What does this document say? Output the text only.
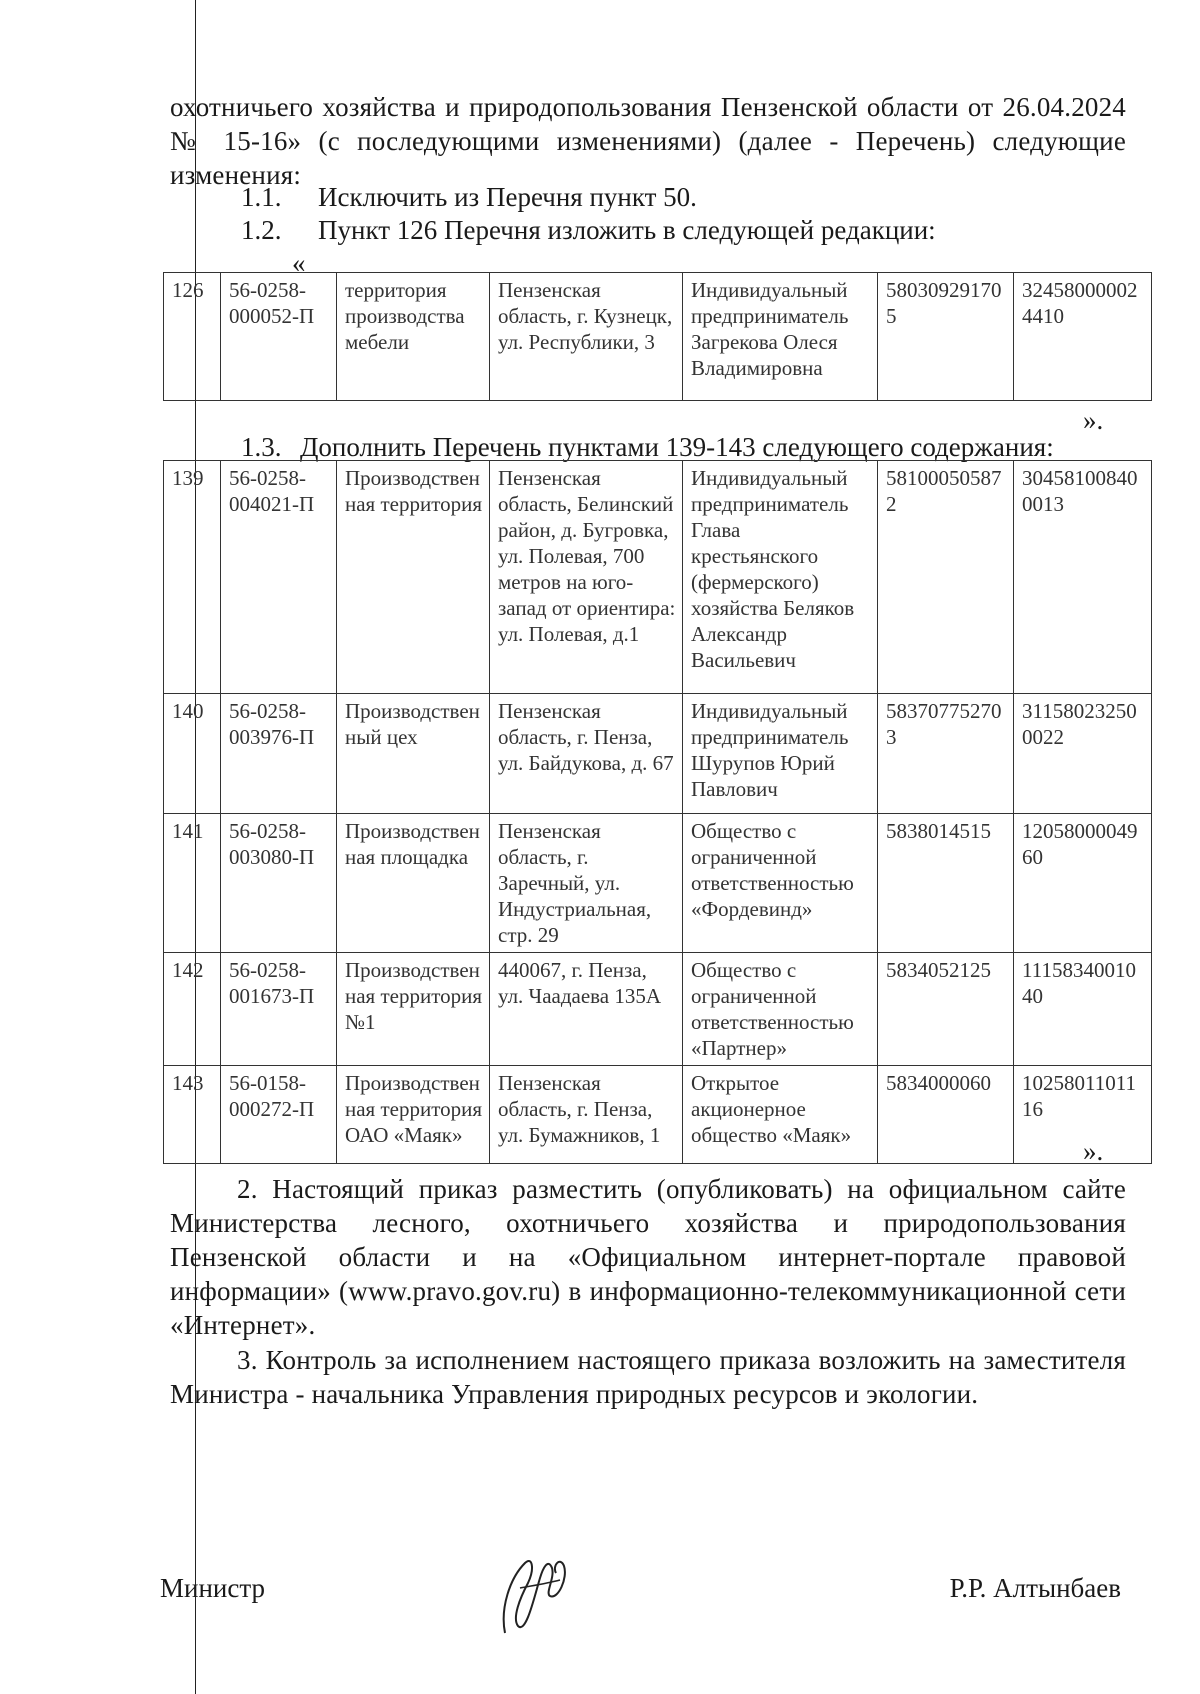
охотничьего хозяйства и природопользования Пензенской области от 26.04.2024 № 15-16» (с последующими изменениями) (далее - Перечень) следующие изменения:
1.1. Исключить из Перечня пункт 50.
1.2. Пункт 126 Перечня изложить в следующей редакции:
«
126	56-0258-000052-П	территория производства мебели	Пензенская область, г. Кузнецк, ул. Республики, 3	Индивидуальный предприниматель Загрекова Олеся Владимировна	580309291705	324580000024410
».
1.3. Дополнить Перечень пунктами 139-143 следующего содержания:
139	56-0258-004021-П	Производственная территория	Пензенская область, Белинский район, д. Бугровка, ул. Полевая, 700 метров на юго-запад от ориентира: ул. Полевая, д.1	Индивидуальный предприниматель Глава крестьянского (фермерского) хозяйства Беляков Александр Васильевич	581000505872	304581008400013
140	56-0258-003976-П	Производственный цех	Пензенская область, г. Пенза, ул. Байдукова, д. 67	Индивидуальный предприниматель Шурупов Юрий Павлович	583707752703	311580232500022
141	56-0258-003080-П	Производственная площадка	Пензенская область, г. Заречный, ул. Индустриальная, стр. 29	Общество с ограниченной ответственностью «Фордевинд»	5838014515	1205800004960
142	56-0258-001673-П	Производственная территория №1	440067, г. Пенза, ул. Чаадаева 135А	Общество с ограниченной ответственностью «Партнер»	5834052125	1115834001040
143	56-0158-000272-П	Производственная территория ОАО «Маяк»	Пензенская область, г. Пенза, ул. Бумажников, 1	Открытое акционерное общество «Маяк»	5834000060	1025801101116
».
2. Настоящий приказ разместить (опубликовать) на официальном сайте Министерства лесного, охотничьего хозяйства и природопользования Пензенской области и на «Официальном интернет-портале правовой информации» (www.pravo.gov.ru) в информационно-телекоммуникационной сети «Интернет».
3. Контроль за исполнением настоящего приказа возложить на заместителя Министра - начальника Управления природных ресурсов и экологии.
Министр	Р.Р. Алтынбаев
